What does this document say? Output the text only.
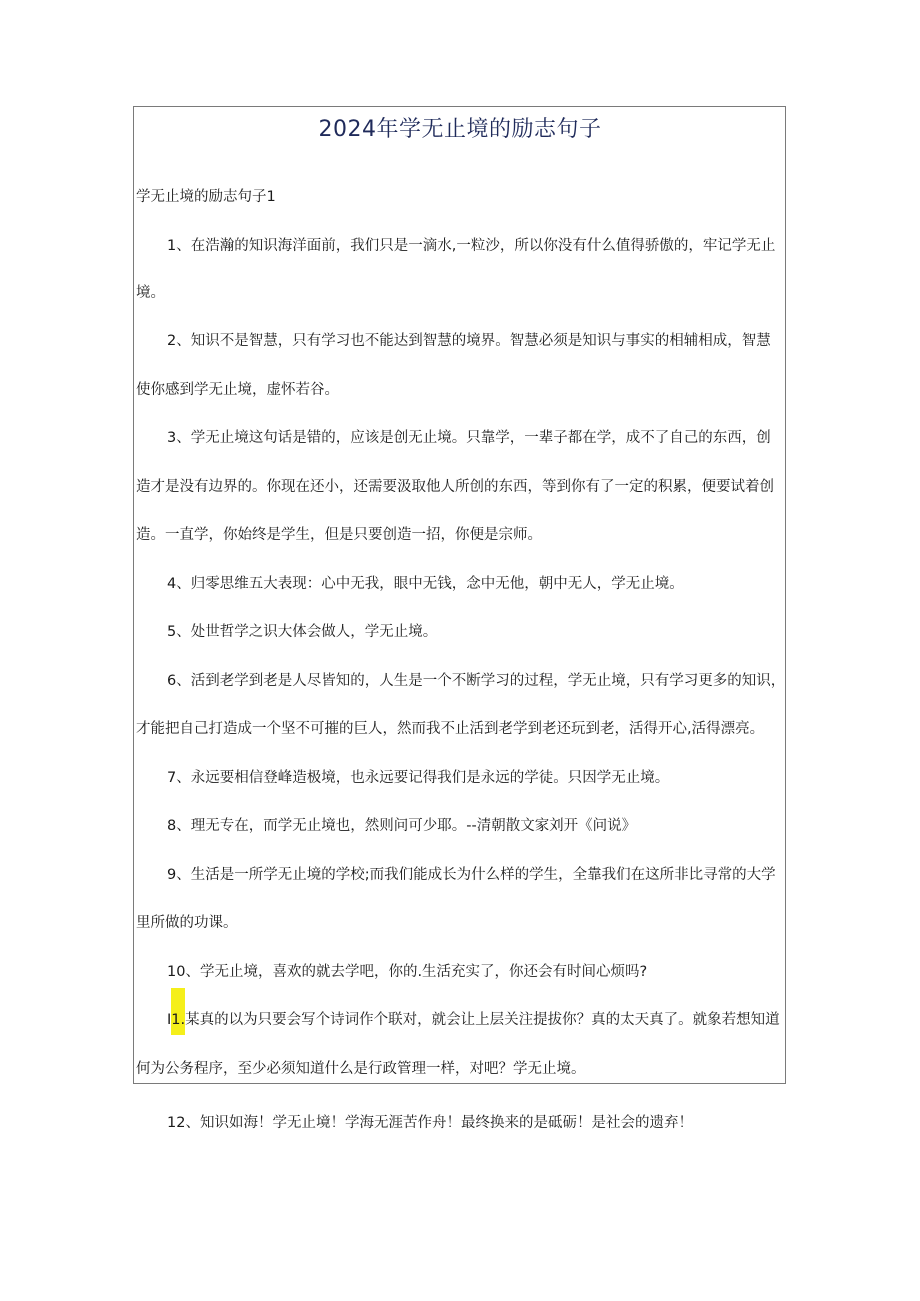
2024年学无止境的励志句子
学无止境的励志句子1
1、在浩瀚的知识海洋面前，我们只是一滴水,一粒沙，所以你没有什么值得骄傲的，牢记学无止
境。
2、知识不是智慧，只有学习也不能达到智慧的境界。智慧必须是知识与事实的相辅相成，智慧
使你感到学无止境，虚怀若谷。
3、学无止境这句话是错的，应该是创无止境。只靠学，一辈子都在学，成不了自己的东西，创
造才是没有边界的。你现在还小，还需要汲取他人所创的东西，等到你有了一定的积累，便要试着创
造。一直学，你始终是学生，但是只要创造一招，你便是宗师。
4、归零思维五大表现：心中无我，眼中无钱，念中无他，朝中无人，学无止境。
5、处世哲学之识大体会做人，学无止境。
6、活到老学到老是人尽皆知的，人生是一个不断学习的过程，学无止境，只有学习更多的知识，
才能把自己打造成一个坚不可摧的巨人，然而我不止活到老学到老还玩到老，活得开心,活得漂亮。
7、永远要相信登峰造极境，也永远要记得我们是永远的学徒。只因学无止境。
8、理无专在，而学无止境也，然则问可少耶。--清朝散文家刘开《问说》
9、生活是一所学无止境的学校;而我们能成长为什么样的学生，全靠我们在这所非比寻常的大学
里所做的功课。
10、学无止境，喜欢的就去学吧，你的.生活充实了，你还会有时间心烦吗?
I1.某真的以为只要会写个诗词作个联对，就会让上层关注提拔你？真的太天真了。就象若想知道
何为公务程序，至少必须知道什么是行政管理一样，对吧？学无止境。
12、知识如海！学无止境！学海无涯苦作舟！最终换来的是砥砺！是社会的遗弃！
